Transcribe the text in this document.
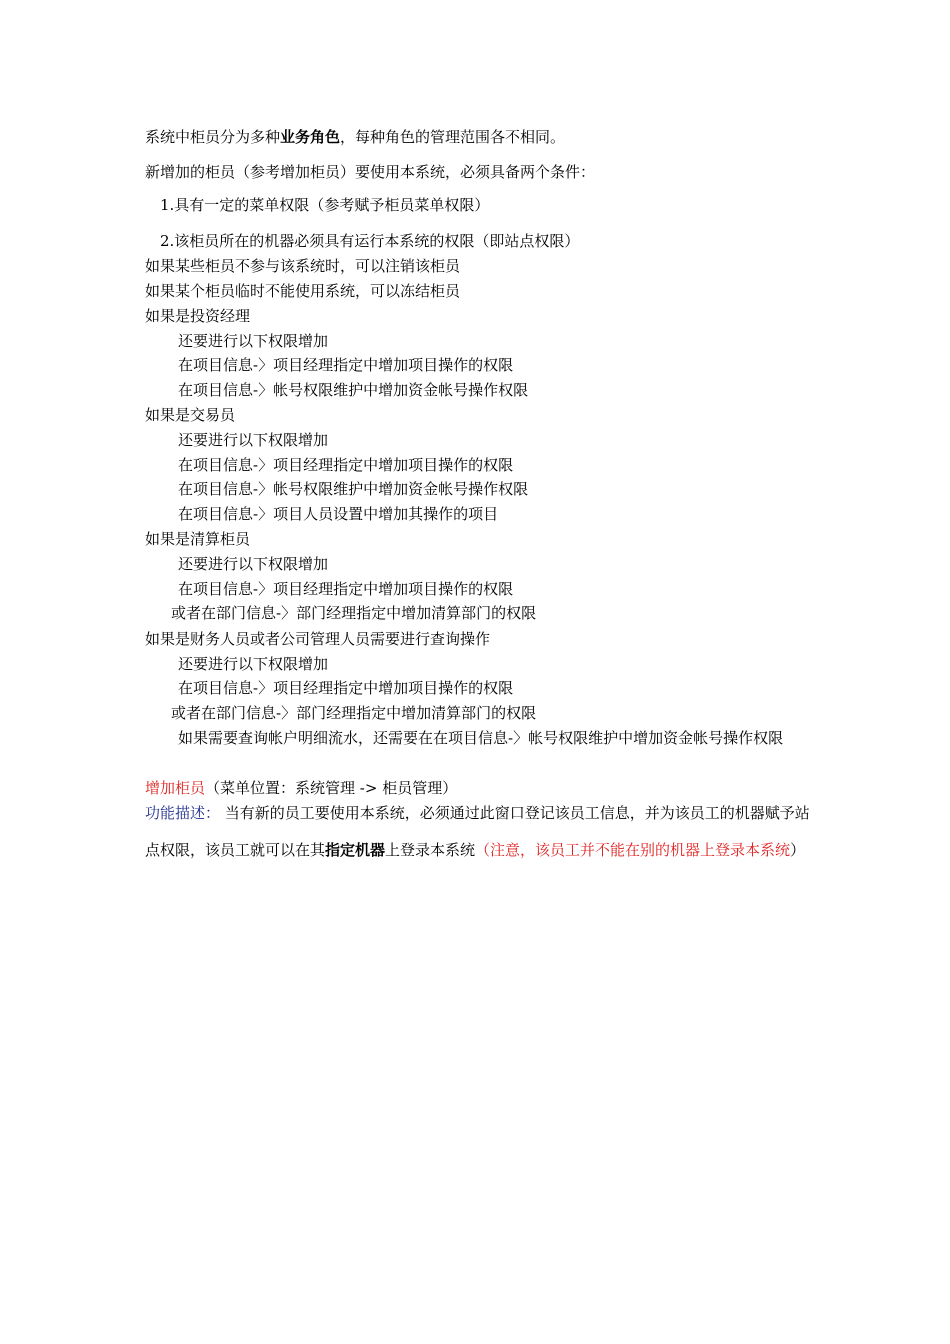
系统中柜员分为多种业务角色，每种角色的管理范围各不相同。
新增加的柜员（参考增加柜员）要使用本系统，必须具备两个条件：
1.具有一定的菜单权限（参考赋予柜员菜单权限）
2.该柜员所在的机器必须具有运行本系统的权限（即站点权限）
如果某些柜员不参与该系统时，可以注销该柜员
如果某个柜员临时不能使用系统，可以冻结柜员
如果是投资经理
还要进行以下权限增加
在项目信息-〉项目经理指定中增加项目操作的权限
在项目信息-〉帐号权限维护中增加资金帐号操作权限
如果是交易员
还要进行以下权限增加
在项目信息-〉项目经理指定中增加项目操作的权限
在项目信息-〉帐号权限维护中增加资金帐号操作权限
在项目信息-〉项目人员设置中增加其操作的项目
如果是清算柜员
还要进行以下权限增加
在项目信息-〉项目经理指定中增加项目操作的权限
或者在部门信息-〉部门经理指定中增加清算部门的权限
如果是财务人员或者公司管理人员需要进行查询操作
还要进行以下权限增加
在项目信息-〉项目经理指定中增加项目操作的权限
或者在部门信息-〉部门经理指定中增加清算部门的权限
如果需要查询帐户明细流水，还需要在在项目信息-〉帐号权限维护中增加资金帐号操作权限
增加柜员（菜单位置：系统管理 -> 柜员管理）
功能描述： 当有新的员工要使用本系统，必须通过此窗口登记该员工信息，并为该员工的机器赋予站点权限，该员工就可以在其指定机器上登录本系统（注意，该员工并不能在别的机器上登录本系统）
